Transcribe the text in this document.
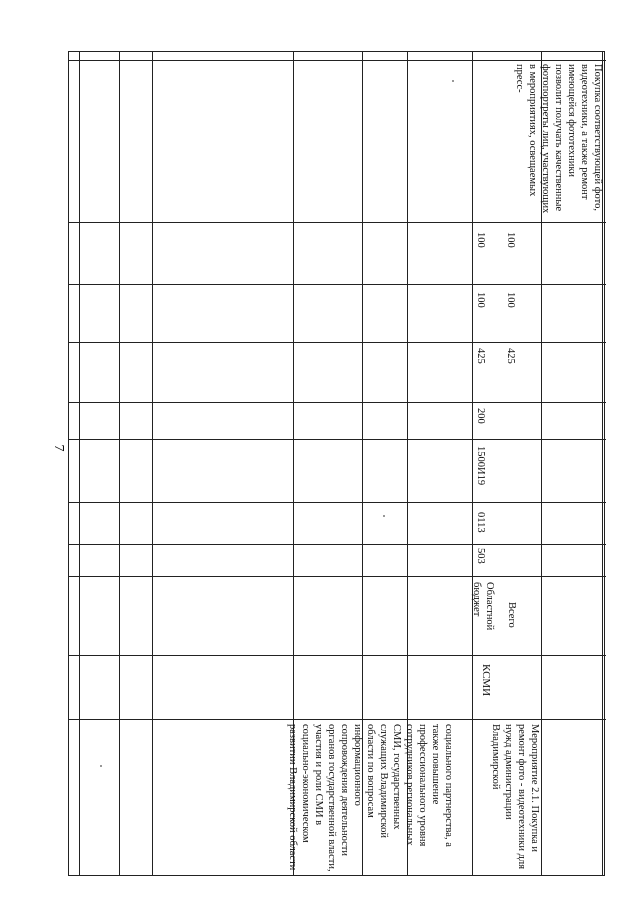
7
социального партнерства, а также повышение профессионального уровня сотрудников региональных СМИ, государственных служащих Владимирской области по вопросам информационного сопровождения деятельности органов государственной власти, участия и роли СМИ в социально-экономическом развитии Владимирской области	Мероприятие 2.1. Покупка и ремонт фото - видеотехники для нужд администрации Владимирской
КСМИ
Областной бюджет	Всего
503
0113
1500И19
200
425 425
100 100
100 100
Покупка соответствующей фото, видеотехники, а также ремонт имеющейся фототехники позволит получать качественные фотопортреты лиц, участвующих в мероприятиях, освещаемых пресс-
